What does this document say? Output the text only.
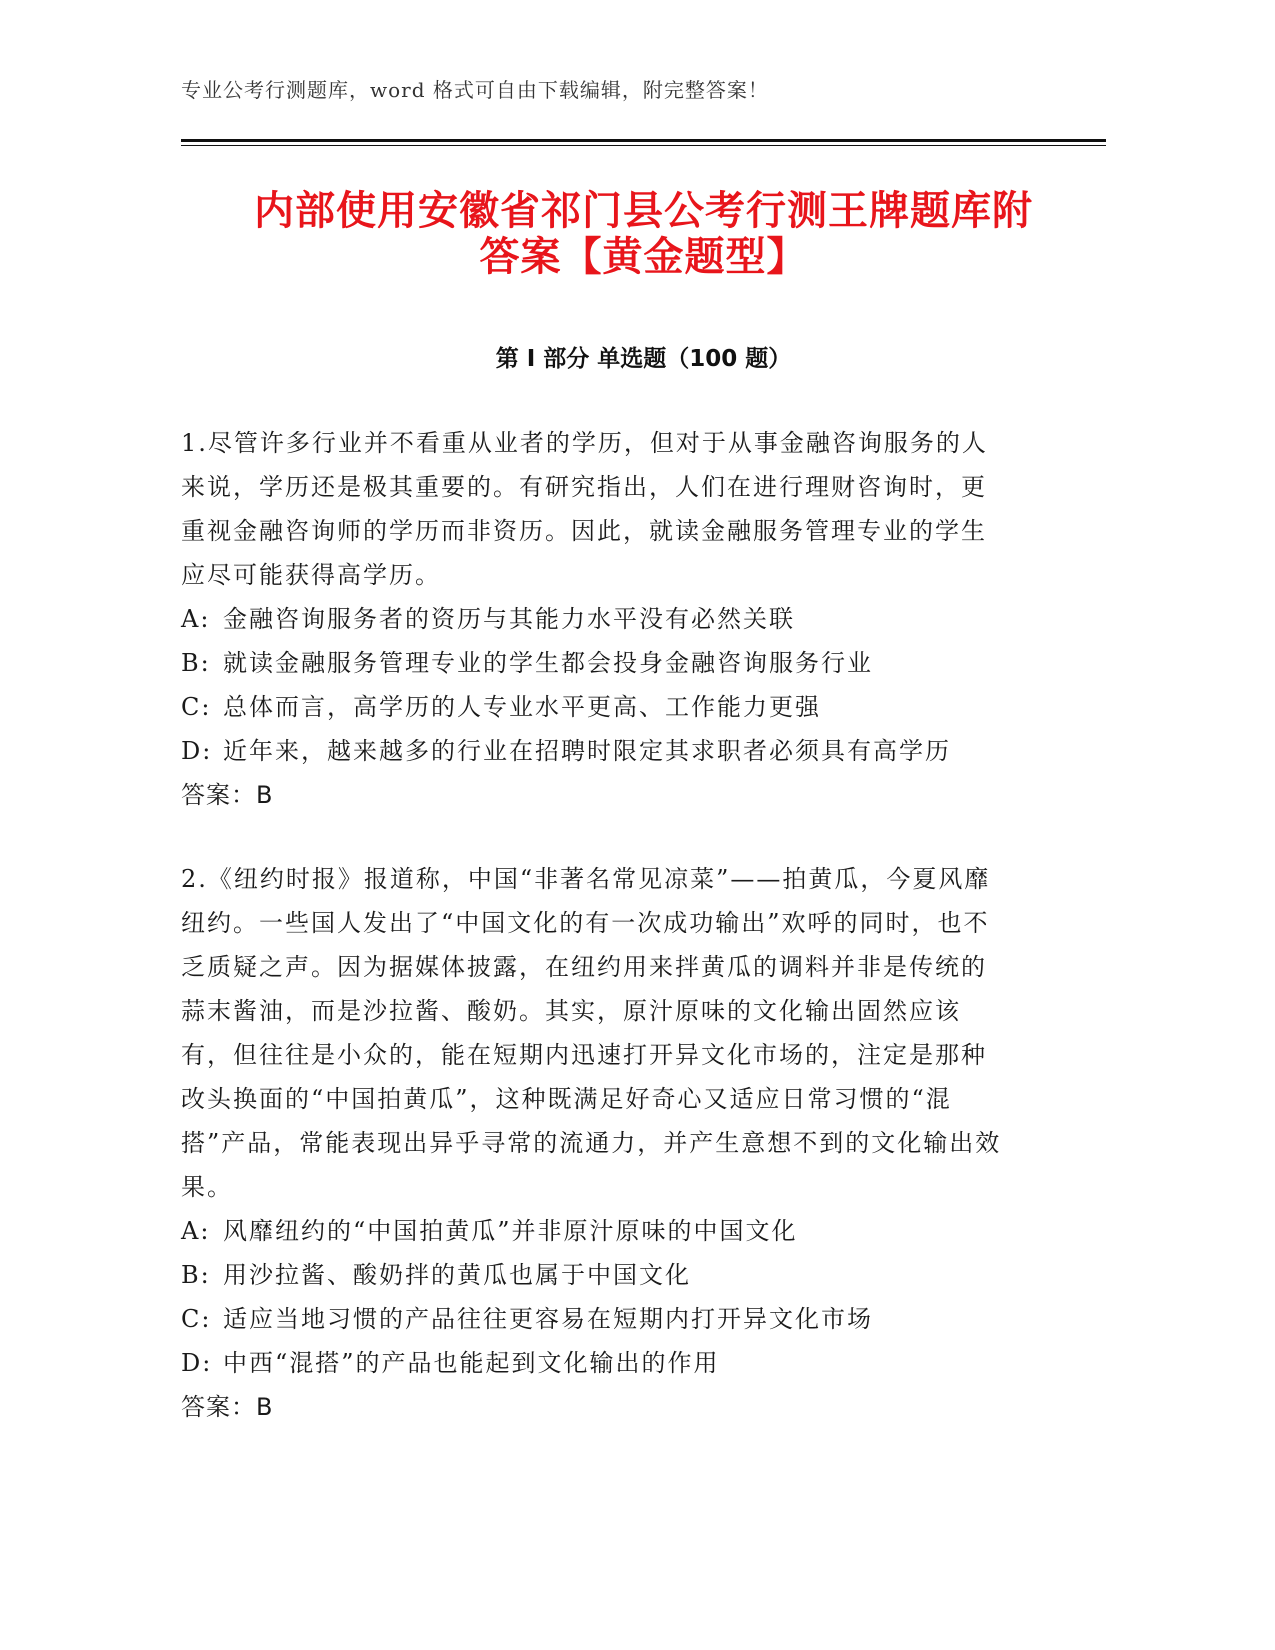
专业公考行测题库，word 格式可自由下载编辑，附完整答案！
内部使用安徽省祁门县公考行测王牌题库附
答案【黄金题型】
第 I 部分 单选题（100 题）

1.尽管许多行业并不看重从业者的学历，但对于从事金融咨询服务的人来说，学历还是极其重要的。有研究指出，人们在进行理财咨询时，更重视金融咨询师的学历而非资历。因此，就读金融服务管理专业的学生应尽可能获得高学历。

A: 金融咨询服务者的资历与其能力水平没有必然关联

B: 就读金融服务管理专业的学生都会投身金融咨询服务行业

C: 总体而言，高学历的人专业水平更高、工作能力更强

D: 近年来，越来越多的行业在招聘时限定其求职者必须具有高学历

答案：B

2.《纽约时报》报道称，中国“非著名常见凉菜”——拍黄瓜，今夏风靡纽约。一些国人发出了“中国文化的有一次成功输出”欢呼的同时，也不乏质疑之声。因为据媒体披露，在纽约用来拌黄瓜的调料并非是传统的蒜末酱油，而是沙拉酱、酸奶。其实，原汁原味的文化输出固然应该有，但往往是小众的，能在短期内迅速打开异文化市场的，注定是那种改头换面的“中国拍黄瓜”，这种既满足好奇心又适应日常习惯的“混搭”产品，常能表现出异乎寻常的流通力，并产生意想不到的文化输出效果。

A: 风靡纽约的“中国拍黄瓜”并非原汁原味的中国文化

B: 用沙拉酱、酸奶拌的黄瓜也属于中国文化

C: 适应当地习惯的产品往往更容易在短期内打开异文化市场

D: 中西“混搭”的产品也能起到文化输出的作用

答案：B
